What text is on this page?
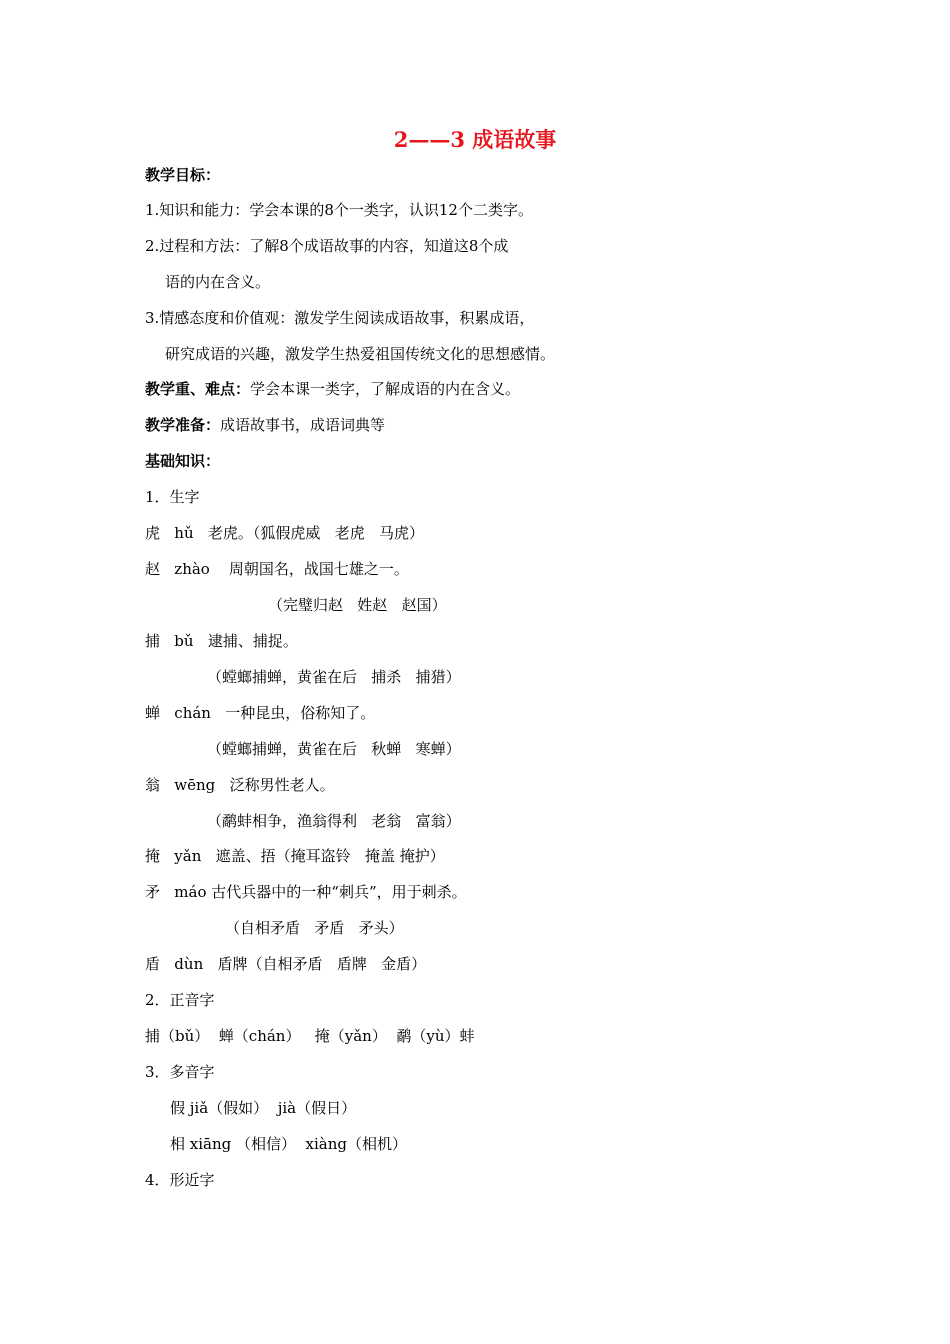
2——3 成语故事
教学目标：
1.知识和能力：学会本课的8个一类字，认识12个二类字。
2.过程和方法：了解8个成语故事的内容，知道这8个成
语的内在含义。
3.情感态度和价值观：激发学生阅读成语故事，积累成语，
研究成语的兴趣，激发学生热爱祖国传统文化的思想感情。
教学重、难点：学会本课一类字，了解成语的内在含义。
教学准备：成语故事书，成语词典等
基础知识：
1．生字
虎   hǔ   老虎。（狐假虎威   老虎   马虎）
赵   zhào    周朝国名，战国七雄之一。
（完璧归赵   姓赵   赵国）
捕   bǔ   逮捕、捕捉。
（螳螂捕蝉，黄雀在后   捕杀   捕猎）
蝉   chán   一种昆虫，俗称知了。
（螳螂捕蝉，黄雀在后   秋蝉   寒蝉）
翁   wēng   泛称男性老人。
（鹬蚌相争，渔翁得利   老翁   富翁）
掩   yǎn   遮盖、捂（掩耳盗铃   掩盖 掩护）
矛   máo 古代兵器中的一种“刺兵”，用于刺杀。
（自相矛盾   矛盾   矛头）
盾   dùn   盾牌（自相矛盾   盾牌   金盾）
2．正音字
捕（bǔ）  蝉（chán）   掩（yǎn）  鹬（yù）蚌
3．多音字
假 jiǎ（假如）  jià（假日）
相 xiāng （相信）  xiàng（相机）
4．形近字
